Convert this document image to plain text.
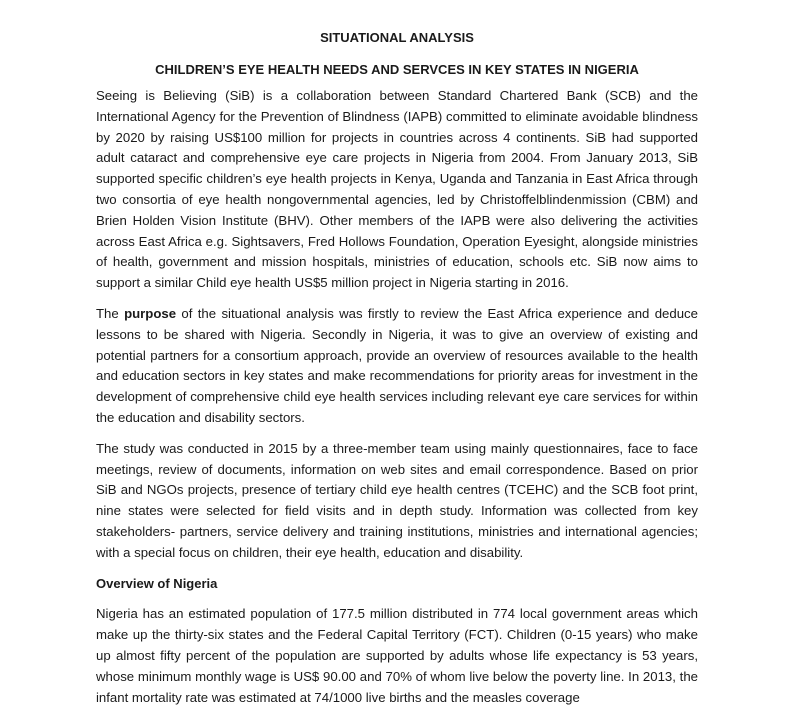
SITUATIONAL ANALYSIS
CHILDREN’S EYE HEALTH NEEDS AND SERVCES IN KEY STATES IN NIGERIA

Seeing is Believing (SiB) is a collaboration between Standard Chartered Bank (SCB) and the International Agency for the Prevention of Blindness (IAPB) committed to eliminate avoidable blindness by 2020 by raising US$100 million for projects in countries across 4 continents. SiB had supported adult cataract and comprehensive eye care projects in Nigeria from 2004. From January 2013, SiB supported specific children’s eye health projects in Kenya, Uganda and Tanzania in East Africa through two consortia of eye health nongovernmental agencies, led by Christoffelblindenmission (CBM) and Brien Holden Vision Institute (BHV). Other members of the IAPB were also delivering the activities across East Africa e.g. Sightsavers, Fred Hollows Foundation, Operation Eyesight, alongside ministries of health, government and mission hospitals, ministries of education, schools etc. SiB now aims to support a similar Child eye health US$5 million project in Nigeria starting in 2016.

The purpose of the situational analysis was firstly to review the East Africa experience and deduce lessons to be shared with Nigeria. Secondly in Nigeria, it was to give an overview of existing and potential partners for a consortium approach, provide an overview of resources available to the health and education sectors in key states and make recommendations for priority areas for investment in the development of comprehensive child eye health services including relevant eye care services for within the education and disability sectors.

The study was conducted in 2015 by a three-member team using mainly questionnaires, face to face meetings, review of documents, information on web sites and email correspondence. Based on prior SiB and NGOs projects, presence of tertiary child eye health centres (TCEHC) and the SCB foot print, nine states were selected for field visits and in depth study. Information was collected from key stakeholders- partners, service delivery and training institutions, ministries and international agencies; with a special focus on children, their eye health, education and disability.

Overview of Nigeria

Nigeria has an estimated population of 177.5 million distributed in 774 local government areas which make up the thirty-six states and the Federal Capital Territory (FCT). Children (0-15 years) who make up almost fifty percent of the population are supported by adults whose life expectancy is 53 years, whose minimum monthly wage is US$ 90.00 and 70% of whom live below the poverty line. In 2013, the infant mortality rate was estimated at 74/1000 live births and the measles coverage
